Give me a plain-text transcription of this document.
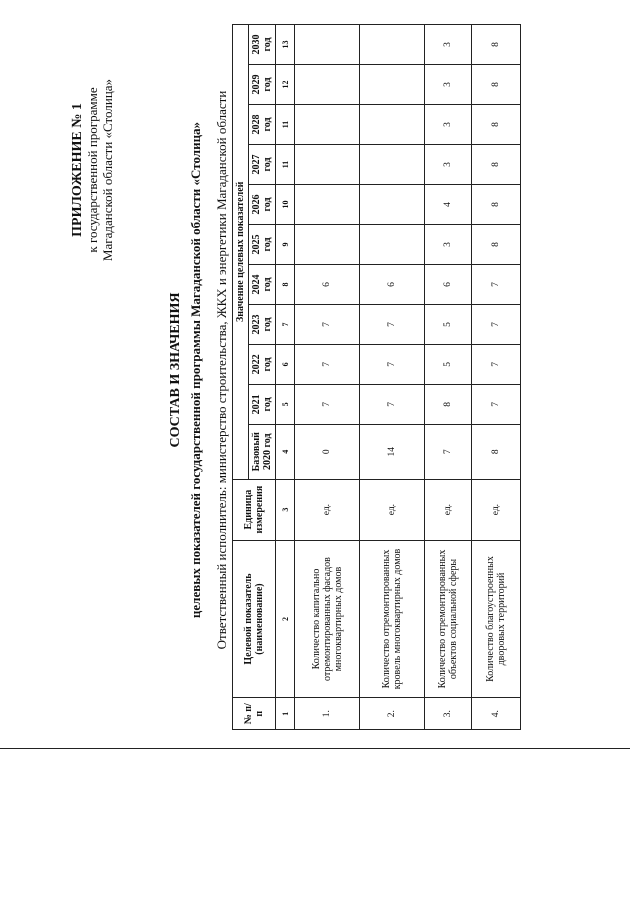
ПРИЛОЖЕНИЕ № 1 к государственной программе Магаданской области «Столица»
СОСТАВ И ЗНАЧЕНИЯ целевых показателей государственной программы Магаданской области «Столица» Ответственный исполнитель: министерство строительства, ЖКХ и энергетики Магаданской области
№ п/п	Целевой показатель (наименование)	Единица измерения	Значение целевых показателей										
			Базовый 2020 год	2021 год	2022 год	2023 год	2024 год	2025 год	2026 год	2027 год	2028 год	2029 год	2030 год
1	2	3	4	5	6	7	8	9	10	11	11	12	13
1.	Количество капитально отремонтированных фасадов многоквартирных домов	ед.	0	7	7	7	6						
2.	Количество отремонтированных кровель многоквартирных домов	ед.	14	7	7	7	6						
3.	Количество отремонтированных объектов социальной сферы	ед.	7	8	5	5	6	3	4	3	3	3	3
4.	Количество благоустроенных дворовых территорий	ед.	8	7	7	7	7	8	8	8	8	8	8
